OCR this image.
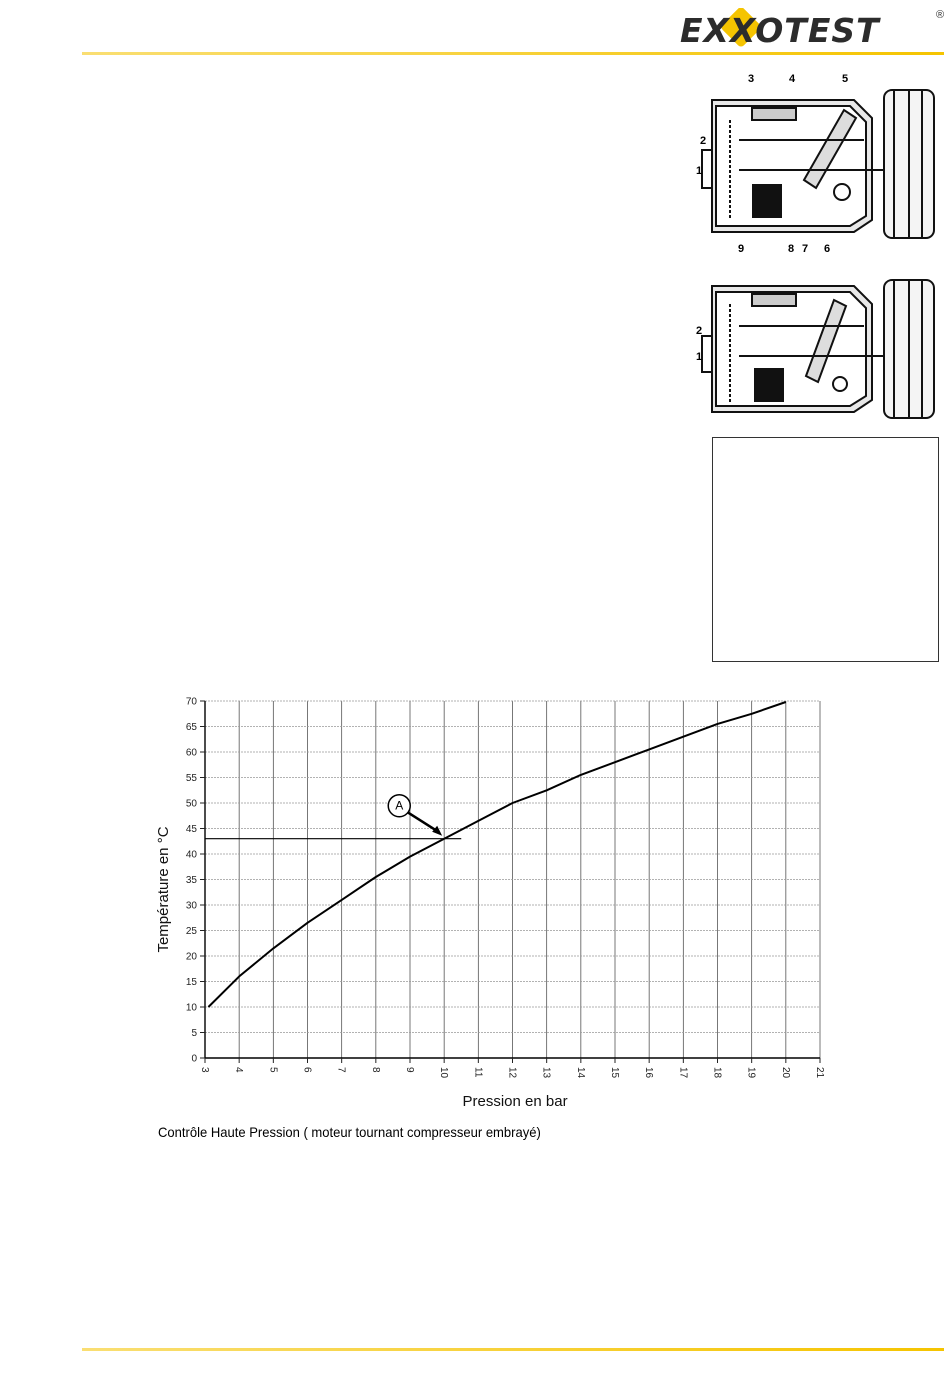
EXXOTEST	®
3	4	5
2
1
9	8 7 6
2
1
3 4 5 6 7 8 9 10 11 12 13 14 15 16 17 18 19 20 21
0
5
10
15
20
25
30
35
40
45
50
55
60
65
70
A
Pression en bar
Température en °C
Contrôle Haute Pression ( moteur tournant compresseur embrayé)
